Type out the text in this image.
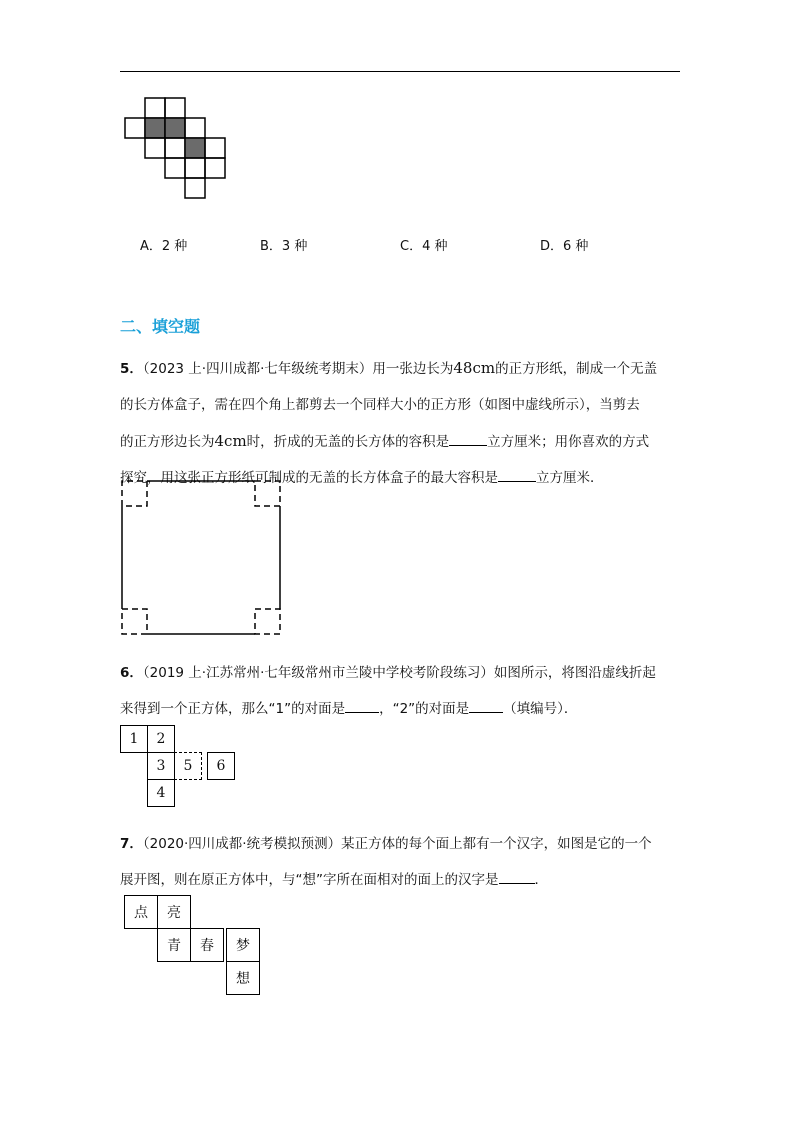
A．2 种	B．3 种	C．4 种	D．6 种
二、填空题
5．（2023 上·四川成都·七年级统考期末）用一张边长为48cm的正方形纸，制成一个无盖
的长方体盒子，需在四个角上都剪去一个同样大小的正方形（如图中虚线所示），当剪去
的正方形边长为4cm时，折成的无盖的长方体的容积是	立方厘米；用你喜欢的方式
探究，用这张正方形纸可制成的无盖的长方体盒子的最大容积是	立方厘米．
6．（2019 上·江苏常州·七年级常州市兰陵中学校考阶段练习）如图所示，将图沿虚线折起
来得到一个正方体，那么“1”的对面是	，“2”的对面是	（填编号）．
1	2
3	5	6
4
7．（2020·四川成都·统考模拟预测）某正方体的每个面上都有一个汉字，如图是它的一个
展开图，则在原正方体中，与“想”字所在面相对的面上的汉字是	．
点	亮
青	春	梦
想
